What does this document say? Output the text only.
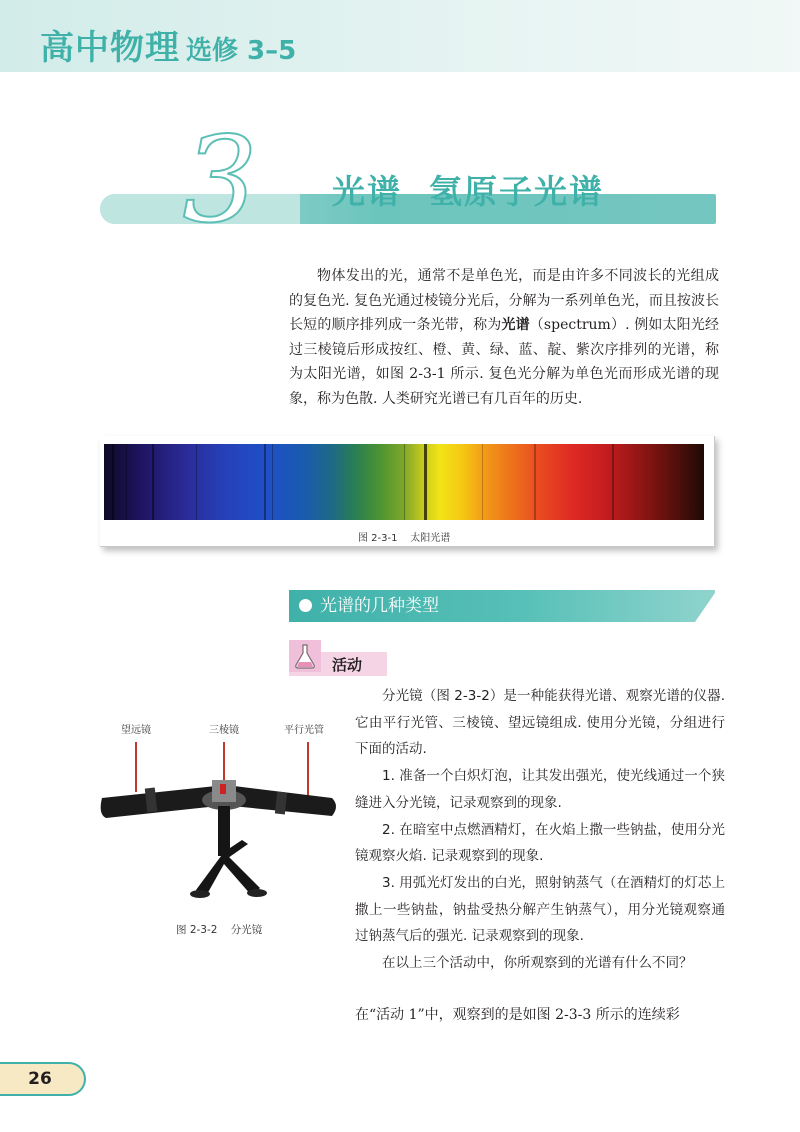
高中物理 选修 3–5
3 光谱  氢原子光谱

物体发出的光，通常不是单色光，而是由许多不同波长的光组成的复色光. 复色光通过棱镜分光后，分解为一系列单色光，而且按波长长短的顺序排列成一条光带，称为光谱（spectrum）. 例如太阳光经过三棱镜后形成按红、橙、黄、绿、蓝、靛、紫次序排列的光谱，称为太阳光谱，如图 2-3-1 所示. 复色光分解为单色光而形成光谱的现象，称为色散. 人类研究光谱已有几百年的历史.

图 2-3-1    太阳光谱
光谱的几种类型
活动

分光镜（图 2-3-2）是一种能获得光谱、观察光谱的仪器. 它由平行光管、三棱镜、望远镜组成. 使用分光镜，分组进行下面的活动.

1. 准备一个白炽灯泡，让其发出强光，使光线通过一个狭缝进入分光镜，记录观察到的现象.

2. 在暗室中点燃酒精灯，在火焰上撒一些钠盐，使用分光镜观察火焰. 记录观察到的现象.

3. 用弧光灯发出的白光，照射钠蒸气（在酒精灯的灯芯上撒上一些钠盐，钠盐受热分解产生钠蒸气），用分光镜观察通过钠蒸气后的强光. 记录观察到的现象.

在以上三个活动中，你所观察到的光谱有什么不同？

望远镜	三棱镜	平行光管
图 2-3-2    分光镜
在“活动 1”中，观察到的是如图 2-3-3 所示的连续彩
26
